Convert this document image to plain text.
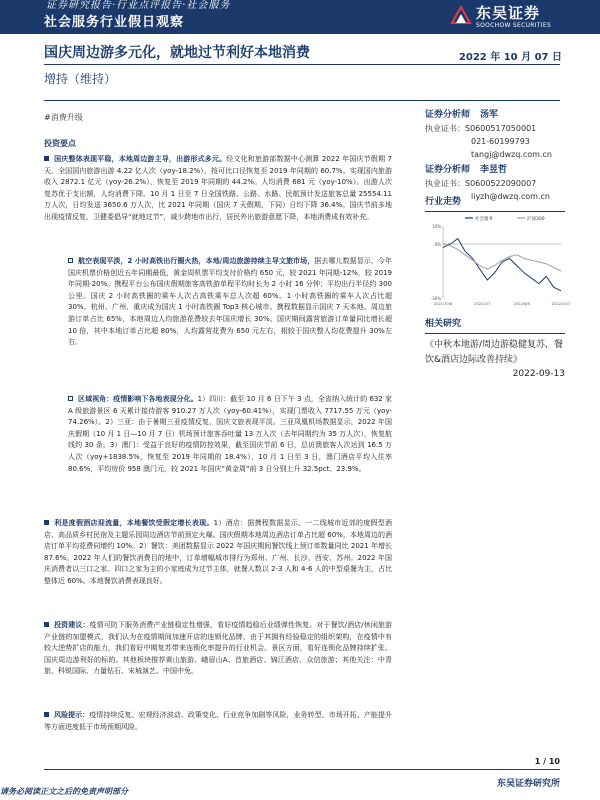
证券研究报告·行业点评报告·社会服务
社会服务行业假日观察
东吴证券
SOOCHOW SECURITIES
国庆周边游多元化，就地过节利好本地消费	2022 年 10 月 07 日
增持（维持）
#消费升级
投资要点
国庆整体表现平稳，本地周边游主导，出游形式多元。经文化和旅游部数据中心测算 2022 年国庆节假期 7 天，全国国内旅游出游 4.22 亿人次（yoy-18.2%），按可比口径恢复至 2019 年同期的 60.7%。实现国内旅游收入 2872.1 亿元（yoy-26.2%），恢复至 2019 年同期的 44.2%。人均消费 681 元（yoy-10%）。出游人次复苏优于支出额，人均消费下降。10 月 1 日至 7 日全国铁路、公路、水路、民航预计发送旅客总量 25554.11 万人次，日均发送 3650.6 万人次，比 2021 年同期（国庆 7 天假期，下同）日均下降 36.4%。国庆节前多地出现疫情反复，卫健委倡导“就地过节”，减少跨地市出行，居民外出旅游意愿下降，本地消费成有效补充。
航空表现平淡，2 小时高铁出行圈火热，本地/周边旅游持续主导文旅市场，据去哪儿数据显示，今年国庆机票价格创近五年同期最低，黄金周机票平均支付价格约 650 元，较 2021 年同期-12%，较 2019 年同期-20%。携程平台公布国庆假期旅客高铁游单程平均时长为 2 小时 16 分钟；平均出行半径约 300 公里。国庆 2 小时高铁圈的乘车人次占高铁乘车总人次超 60%。1 小时高铁圈的乘车人次占比超 30%。杭州、广州、重庆成为国庆 1 小时高铁圈 Top3 核心城市。携程数据显示国庆 7 天本地、周边旅游订单占比 65%，本地周边人均旅游花费较去年国庆增长 30%。国庆期间露营旅游订单量同比增长超 10 倍，其中本地订单占比超 80%，人均露营花费为 650 元左右，相较于国庆整人均花费提升 30%左右。
区域视角：疫情影响下各地表现分化。1）四川：截至 10 月 6 日下午 3 点，全省纳入统计的 632 家 A 级旅游景区 6 天累计接待游客 910.27 万人次（yoy-60.41%），实现门票收入 7717.55 万元（yoy-74.26%）。2）三亚：由于暑期三亚疫情反复，国庆文旅表现平淡。三亚凤凰机场数据显示，2022 年国庆假期（10 月 1 日—10 月 7 日）机场预计旅客吞吐量 13 万人次（去年同期约为 35 万人次），恢复航线约 30 条。3）澳门：受益于良好的疫情防控效果，截至国庆节前 6 日，总访澳旅客人次达到 16.5 万人次（yoy+1838.5%，恢复至 2019 年同期的 18.4%），10 月 1 日至 3 日，澳门酒店平均入住率 80.6%，平均房价 958 澳门元，较 2021 年国庆“黄金周”前 3 日分别上升 32.5pct、23.9%。
利是度假酒店迎流量，本地餐饮受假定增长表现。1）酒店：据携程数据显示，一二线城市近郊的度假型酒店、高品质乡村民宿及主题乐园周边酒店节前预定火爆。国庆假期本地周边酒店订单占比超 60%，本地周边的酒店订单平均花费同增约 10%。2）餐饮：美团数据显示 2022 年国庆期间餐饮线上预订单数量同比 2021 年增长 87.6%。2022 年人们的餐饮消费目的地中，订单增幅城市排行为郑州、广州、长沙、西安、苏州。2022 年国庆消费者以三口之家、四口之家为主的小家庭成为过节主体，就餐人数以 2-3 人和 4-6 人的中型桌餐为主，占比整体近 60%。本地餐饮消费表现良好。
投资建议：疫情可防下服务消费产业链稳定性增强，看好疫情趋稳后业绩弹性恢复。对于餐饮/酒店/休闲旅游产业链的加盟模式，我们认为在疫情期间加速开店的连锁化品牌，由于其拥有经验稳定的组织架构，在疫情中有较大逆势扩店的能力，我们看好中期复苏带来连锁化率提升的行业机会。景区方面，看好连锁化品牌持续扩张、国庆周边游利好的标的。其他板块推荐黄山旅游、峨眉山A、首旅酒店、锦江酒店、众信旅游；其他关注：中青旅、科锐国际、力量钻石、宋城演艺、中国中免。
风险提示：疫情持续反复、宏观经济波动、政策变化、行业竞争加剧等风险，业务转型、市场开拓、产能提升等方面进度低于市场预期风险。
证券分析师 汤军
执业证书：S0600517050001
021-60199793
tangj@dwzq.com.cn
证券分析师 李昱哲
执业证书：S0600522090007
liyzh@dwzq.com.cn
行业走势
-30%
0%
10%
2021/10/8	2022/2/7	2022/6/8	2022/10/7
社会服务	沪深300
相关研究
《中秋本地游/周边游稳健复苏，餐饮&酒店边际改善持续》
2022-09-13
1 / 10
东吴证券研究所
请务必阅读正文之后的免责声明部分
